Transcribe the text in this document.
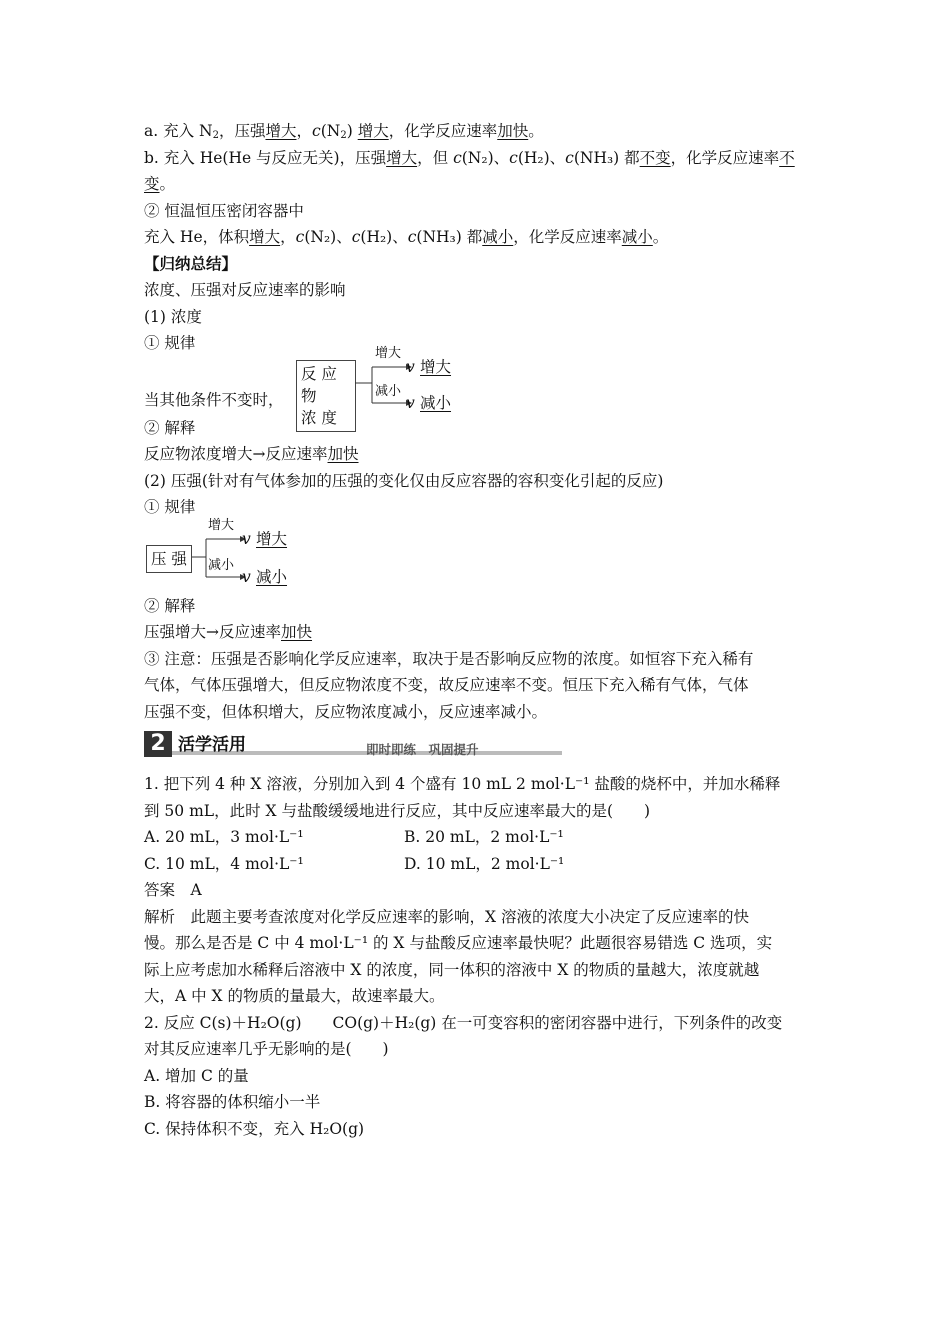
a. 充入 $N_2$，压强增大，$c(N_2)$ 增大，化学反应速率加快。
b. 充入 He(He 与反应无关)，压强增大，但 c(N₂)、c(H₂)、c(NH₃) 都不变，化学反应速率不
变。
② 恒温恒压密闭容器中
充入 He，体积增大，c(N₂)、c(H₂)、c(NH₃) 都减小，化学反应速率减小。
【归纳总结】
浓度、压强对反应速率的影响
(1) 浓度
① 规律
当其他条件不变时，
反 应 物
浓 度
增大
减小
v 增大
v 减小
② 解释
反应物浓度增大→反应速率加快
(2) 压强(针对有气体参加的压强的变化仅由反应容器的容积变化引起的反应)
① 规律
压 强
增大
减小
v 增大
v 减小
② 解释
压强增大→反应速率加快
③ 注意：压强是否影响化学反应速率，取决于是否影响反应物的浓度。如恒容下充入稀有
气体，气体压强增大，但反应物浓度不变，故反应速率不变。恒压下充入稀有气体，气体
压强不变，但体积增大，反应物浓度减小，反应速率减小。
2 活学活用	即时即练　巩固提升
1. 把下列 4 种 X 溶液，分别加入到 4 个盛有 10 mL 2 mol·L⁻¹ 盐酸的烧杯中，并加水稀释
到 50 mL，此时 X 与盐酸缓缓地进行反应，其中反应速率最大的是(　　)
A. 20 mL，3 mol·L⁻¹	B. 20 mL，2 mol·L⁻¹
C. 10 mL，4 mol·L⁻¹	D. 10 mL，2 mol·L⁻¹
答案　A
解析　此题主要考查浓度对化学反应速率的影响，X 溶液的浓度大小决定了反应速率的快
慢。那么是否是 C 中 4 mol·L⁻¹ 的 X 与盐酸反应速率最快呢？此题很容易错选 C 选项，实
际上应考虑加水稀释后溶液中 X 的浓度，同一体积的溶液中 X 的物质的量越大，浓度就越
大，A 中 X 的物质的量最大，故速率最大。
2. 反应 C(s)＋H₂O(g)　　CO(g)＋H₂(g) 在一可变容积的密闭容器中进行，下列条件的改变
对其反应速率几乎无影响的是(　　)
A. 增加 C 的量
B. 将容器的体积缩小一半
C. 保持体积不变，充入 H₂O(g)
